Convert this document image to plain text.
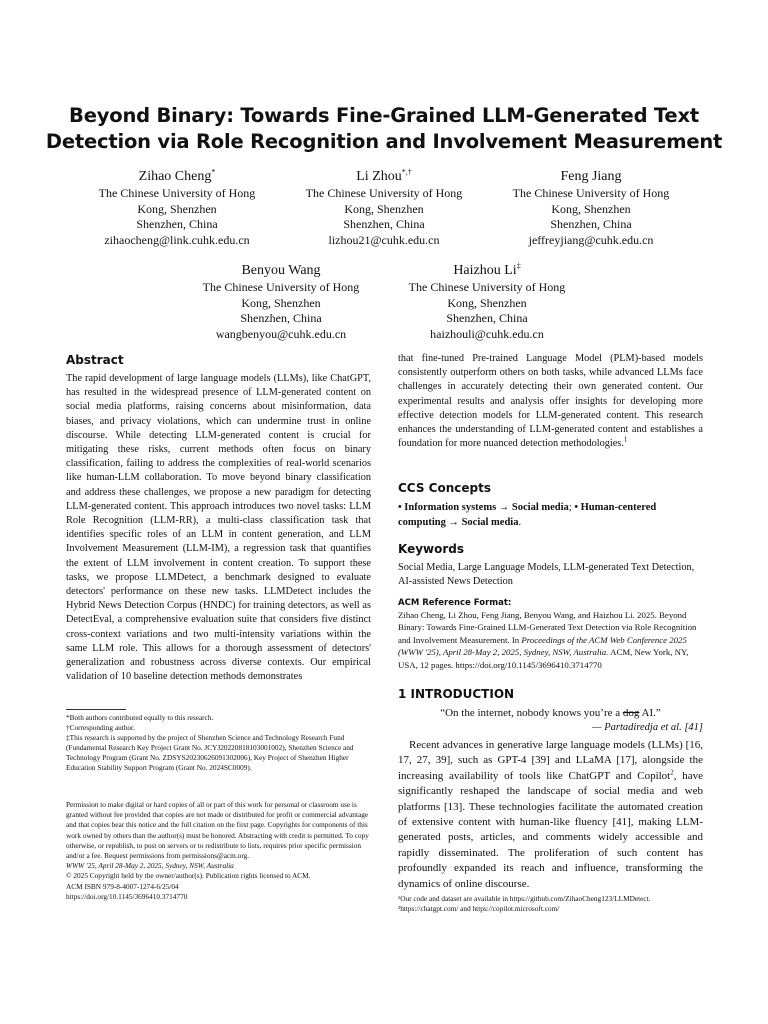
Beyond Binary: Towards Fine-Grained LLM-Generated Text
Detection via Role Recognition and Involvement Measurement
Zihao Cheng*
The Chinese University of Hong
Kong, Shenzhen
Shenzhen, China
zihaocheng@link.cuhk.edu.cn
Li Zhou*,†
The Chinese University of Hong
Kong, Shenzhen
Shenzhen, China
lizhou21@cuhk.edu.cn
Feng Jiang
The Chinese University of Hong
Kong, Shenzhen
Shenzhen, China
jeffreyjiang@cuhk.edu.cn
Benyou Wang
The Chinese University of Hong
Kong, Shenzhen
Shenzhen, China
wangbenyou@cuhk.edu.cn
Haizhou Li‡
The Chinese University of Hong
Kong, Shenzhen
Shenzhen, China
haizhouli@cuhk.edu.cn
Abstract

The rapid development of large language models (LLMs), like ChatGPT, has resulted in the widespread presence of LLM-generated content on social media platforms, raising concerns about misinformation, data biases, and privacy violations, which can undermine trust in online discourse. While detecting LLM-generated content is crucial for mitigating these risks, current methods often focus on binary classification, failing to address the complexities of real-world scenarios like human-LLM collaboration. To move beyond binary classification and address these challenges, we propose a new paradigm for detecting LLM-generated content. This approach introduces two novel tasks: LLM Role Recognition (LLM-RR), a multi-class classification task that identifies specific roles of an LLM in content generation, and LLM Involvement Measurement (LLM-IM), a regression task that quantifies the extent of LLM involvement in content creation. To support these tasks, we propose LLMDetect, a benchmark designed to evaluate detectors' performance on these new tasks. LLMDetect includes the Hybrid News Detection Corpus (HNDC) for training detectors, as well as DetectEval, a comprehensive evaluation suite that considers five distinct cross-context variations and two multi-intensity variations within the same LLM role. This allows for a thorough assessment of detectors' generalization and robustness across diverse contexts. Our empirical validation of 10 baseline detection methods demonstrates

*Both authors contributed equally to this research.

†Corresponding author.

‡This research is supported by the project of Shenzhen Science and Technology Research Fund (Fundamental Research Key Project Grant No. JCYJ20220818103001002), Shenzhen Science and Technology Program (Grant No. ZDSYS20230626091302006), Key Project of Shenzhen Higher Education Stability Support Program (Grant No. 2024SC0009).

Permission to make digital or hard copies of all or part of this work for personal or classroom use is granted without fee provided that copies are not made or distributed for profit or commercial advantage and that copies bear this notice and the full citation on the first page. Copyrights for components of this work owned by others than the author(s) must be honored. Abstracting with credit is permitted. To copy otherwise, or republish, to post on servers or to redistribute to lists, requires prior specific permission and/or a fee. Request permissions from permissions@acm.org.

WWW '25, April 28-May 2, 2025, Sydney, NSW, Australia

© 2025 Copyright held by the owner/author(s). Publication rights licensed to ACM.

ACM ISBN 979-8-4007-1274-6/25/04

https://doi.org/10.1145/3696410.3714770

that fine-tuned Pre-trained Language Model (PLM)-based models consistently outperform others on both tasks, while advanced LLMs face challenges in accurately detecting their own generated content. Our experimental results and analysis offer insights for developing more effective detection models for LLM-generated content. This research enhances the understanding of LLM-generated content and establishes a foundation for more nuanced detection methodologies.$^1$

CCS Concepts

• Information systems → Social media; • Human-centered computing → Social media.

Keywords

Social Media, Large Language Models, LLM-generated Text Detection, AI-assisted News Detection

ACM Reference Format:

Zihao Cheng, Li Zhou, Feng Jiang, Benyou Wang, and Haizhou Li. 2025. Beyond Binary: Towards Fine-Grained LLM-Generated Text Detection via Role Recognition and Involvement Measurement. In Proceedings of the ACM Web Conference 2025 (WWW '25), April 28-May 2, 2025, Sydney, NSW, Australia. ACM, New York, NY, USA, 12 pages. https://doi.org/10.1145/3696410.3714770

1 INTRODUCTION

“On the internet, nobody knows you’re a dog AI.”

— Partadiredja et al. [41]

Recent advances in generative large language models (LLMs) [16, 17, 27, 39], such as GPT-4 [39] and LLaMA [17], alongside the increasing availability of tools like ChatGPT and Copilot$^2$, have significantly reshaped the landscape of social media and web platforms [13]. These technologies facilitate the automated creation of extensive content with human-like fluency [41], making LLM-generated posts, articles, and comments widely accessible and rapidly disseminated. The proliferation of such content has profoundly expanded its reach and influence, transforming the dynamics of online discourse.

¹Our code and dataset are available in https://github.com/ZihaoCheng123/LLMDetect.

²https://chatgpt.com/ and https://copilot.microsoft.com/
